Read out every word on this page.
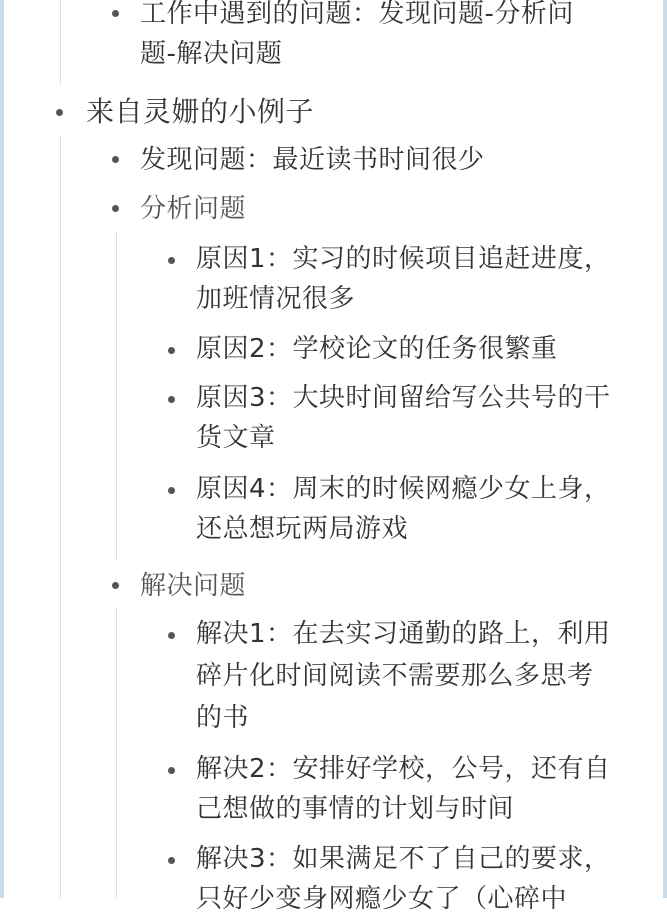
工作中遇到的问题：发现问题-分析问
题-解决问题
来自灵姗的小例子
发现问题：最近读书时间很少
分析问题
原因1：实习的时候项目追赶进度，
加班情况很多
原因2：学校论文的任务很繁重
原因3：大块时间留给写公共号的干
货文章
原因4：周末的时候网瘾少女上身，
还总想玩两局游戏
解决问题
解决1：在去实习通勤的路上，利用
碎片化时间阅读不需要那么多思考
的书
解决2：安排好学校，公号，还有自
己想做的事情的计划与时间
解决3：如果满足不了自己的要求，
只好少变身网瘾少女了（心碎中
